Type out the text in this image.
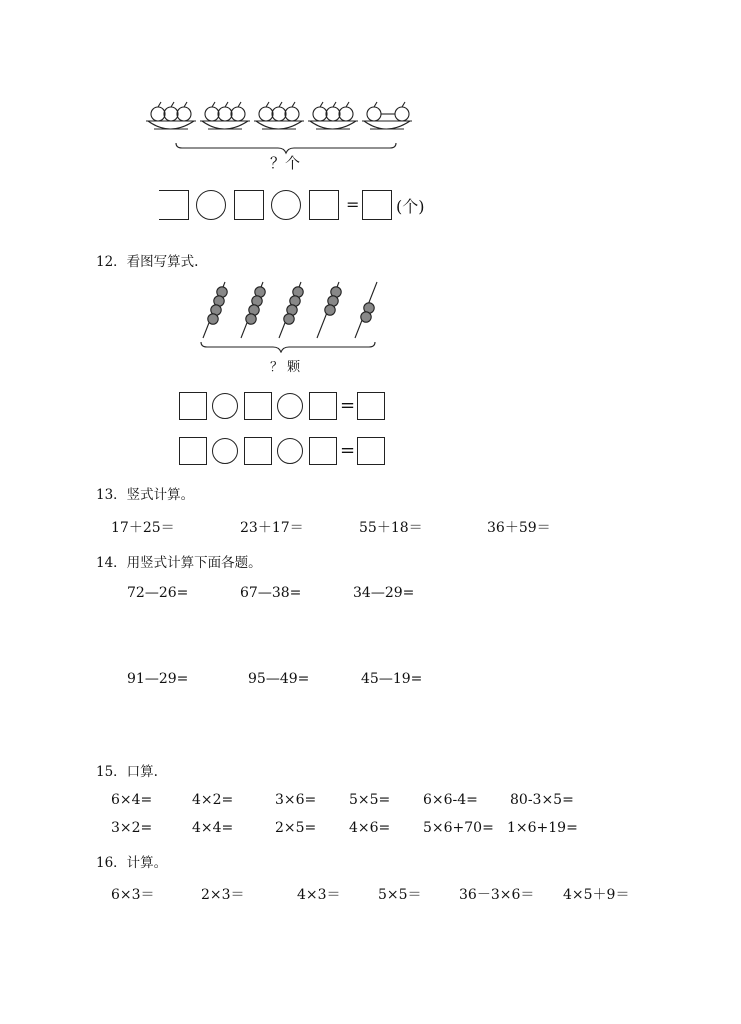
？个
= (个)
12．看图写算式.
？ 颗
=
=
13．竖式计算。
17＋25＝	23＋17＝	55＋18＝	36＋59＝
14．用竖式计算下面各题。
72—26=	67—38=	34—29=
91—29=	95—49=	45—19=
15．口算.
6×4=	4×2=	3×6= 5×5= 6×6-4= 80-3×5=
3×2=	4×4=	2×5= 4×6= 5×6+70= 1×6+19=
16．计算。
6×3＝	2×3＝	4×3＝	5×5＝	36－3×6＝ 4×5＋9＝
